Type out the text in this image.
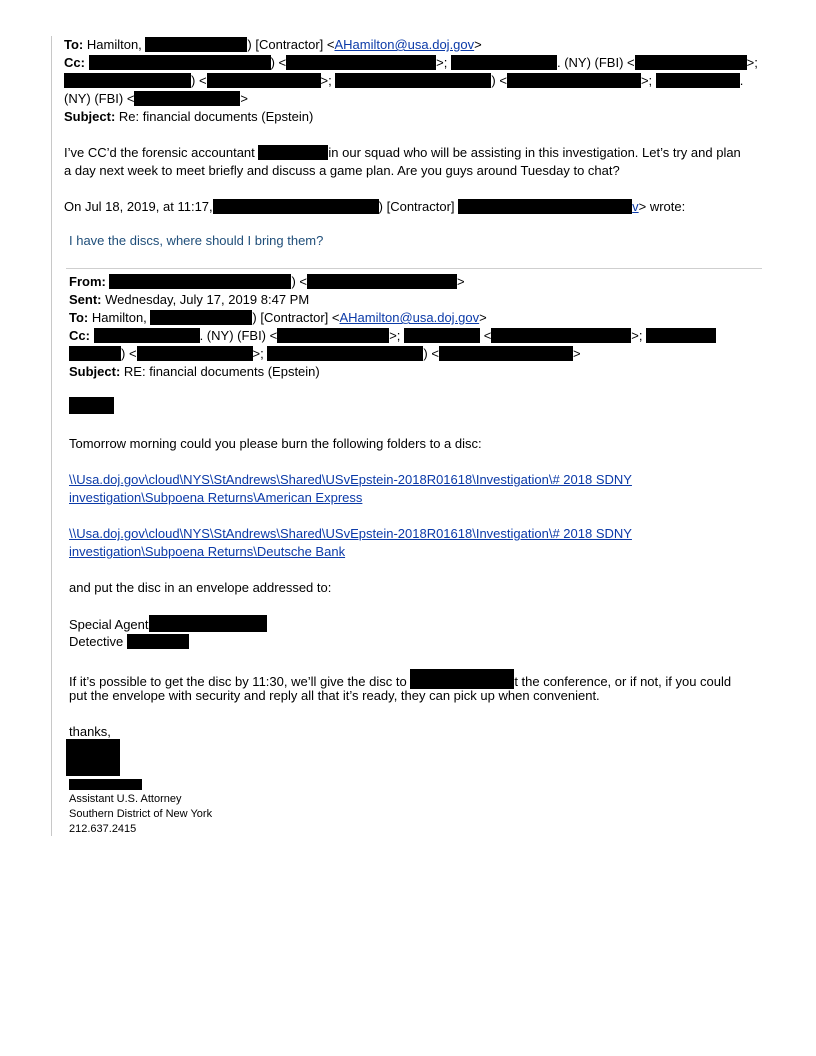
To: Hamilton,	) [Contractor] <AHamilton@usa.doj.gov>
Cc:	) <	>;	. (NY) (FBI) <	>;
) <	>;	) <	>;	.
(NY) (FBI) <	>
Subject: Re: financial documents (Epstein)
I’ve CC’d the forensic accountant	in our squad who will be assisting in this investigation. Let’s try and plan
a day next week to meet briefly and discuss a game plan. Are you guys around Tuesday to chat?
On Jul 18, 2019, at 11:17,	) [Contractor]	v> wrote:
I have the discs, where should I bring them?
From:	) <	>
Sent: Wednesday, July 17, 2019 8:47 PM
To: Hamilton,	) [Contractor] <AHamilton@usa.doj.gov>
Cc:	. (NY) (FBI) <	>;	<	>;
) <	>;	) <	>
Subject: RE: financial documents (Epstein)
Tomorrow morning could you please burn the following folders to a disc:
\\Usa.doj.gov\cloud\NYS\StAndrews\Shared\USvEpstein-2018R01618\Investigation\# 2018 SDNY
investigation\Subpoena Returns\American Express
\\Usa.doj.gov\cloud\NYS\StAndrews\Shared\USvEpstein-2018R01618\Investigation\# 2018 SDNY
investigation\Subpoena Returns\Deutsche Bank
and put the disc in an envelope addressed to:
Special Agent
Detective
If it’s possible to get the disc by 11:30, we’ll give the disc to	t the conference, or if not, if you could
put the envelope with security and reply all that it’s ready, they can pick up when convenient.
thanks,
Assistant U.S. Attorney
Southern District of New York
212.637.2415
